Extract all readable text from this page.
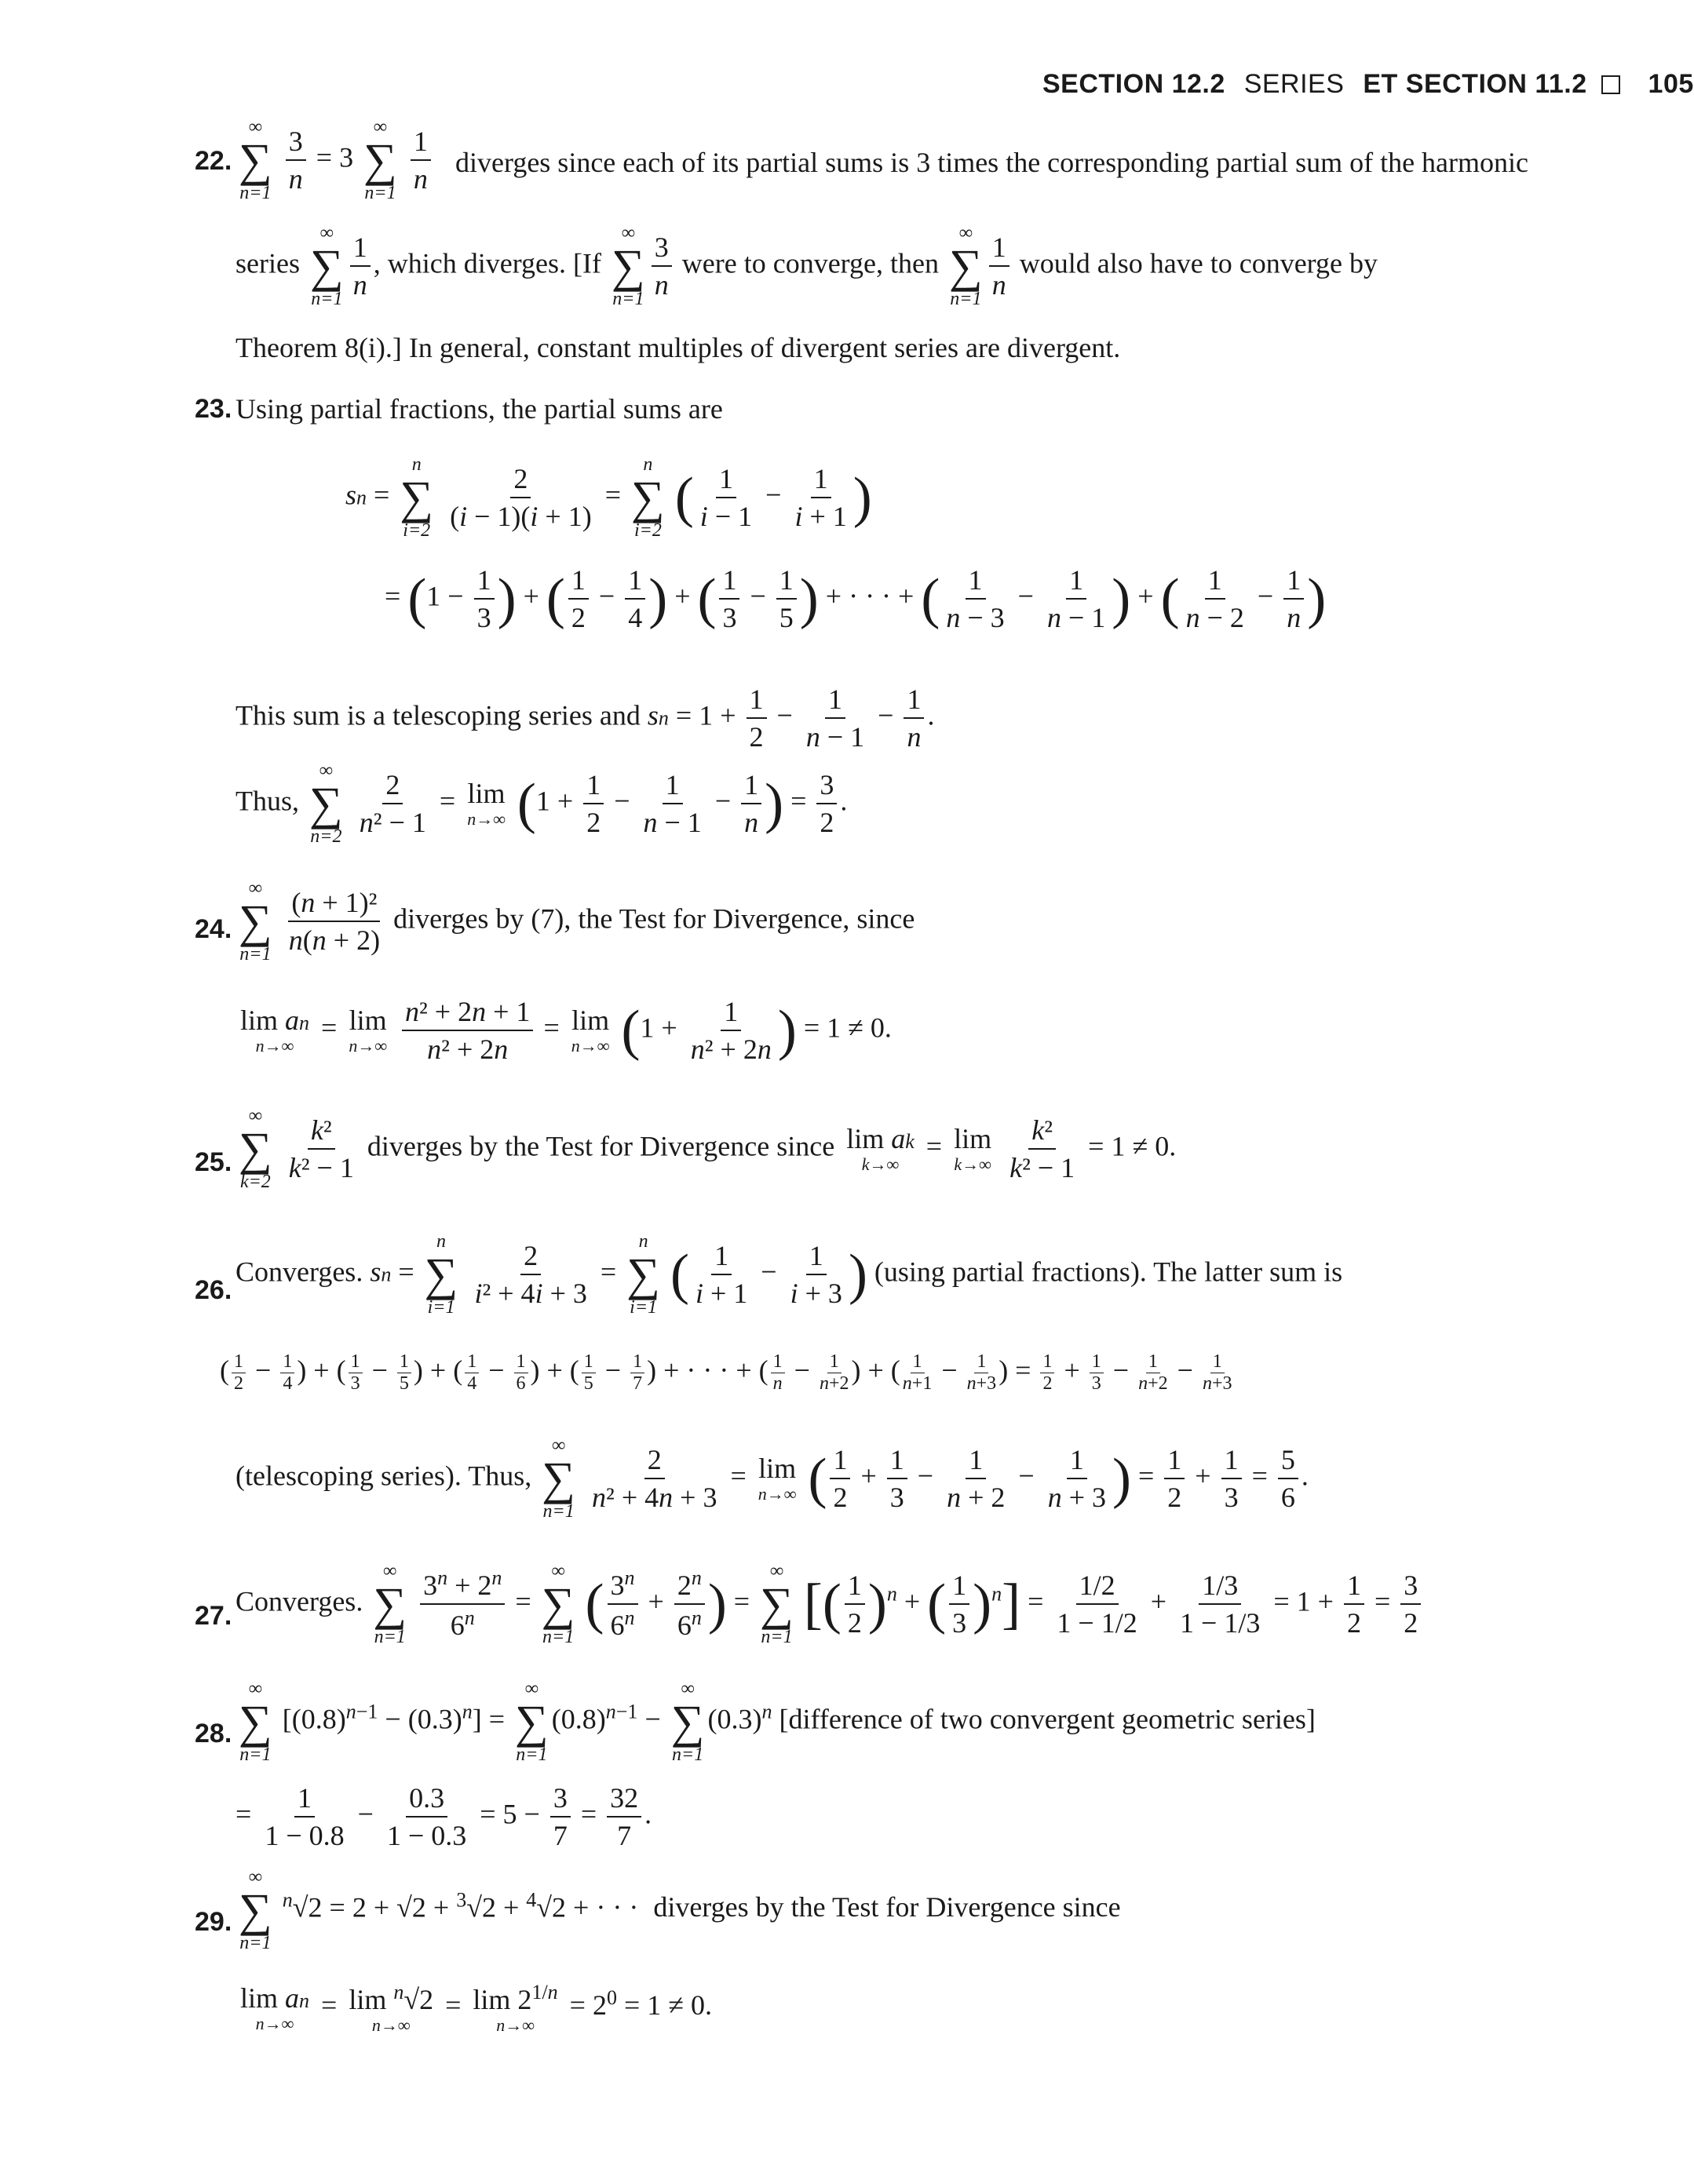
SECTION 12.2 SERIES ET SECTION 11.2 105
22.
∞
∑
n=1
$\frac{3}{n} = 3$
∞
∑
n=1
$\frac{1}{n}$ diverges since each of its partial sums is 3 times the corresponding partial sum of the harmonic
series
∞
∑
$n=1 \frac{1}{n}$ , which diverges. [If
∞
∑
$n=1 \frac{3}{n}$ were to converge, then
∞
∑
$n=1 \frac{1}{n}$ would also have to converge by
Theorem 8(i).] In general, constant multiples of divergent series are divergent.
23. Using partial fractions, the partial sums are
sn =
n
∑
i=2
$\frac{2}{(i - 1)(i + 1)}$ =
n
∑
i=2
( $\frac{1}{i - 1} - \frac{1}{i + 1}$ )
= ($1 - \frac{1}{3}$ ) + ( $\frac{1}{2} - \frac{1}{4}$ ) + ( $\frac{1}{3} - \frac{1}{5}$ ) + · · · + ( $\frac{1}{n - 3} - \frac{1}{n - 1}$ ) + ( $\frac{1}{n - 2} - \frac{1}{n}$ )
This sum is a telescoping series and sn = $1 + \frac{1}{2} - \frac{1}{n - 1} - \frac{1}{n}$ .
Thus,
∞
∑
n=2
$\frac{2}{\text{n² − 1}} = \lim$
n→∞ ($1 + \frac{1}{2} - \frac{1}{n - 1} - \frac{1}{n}$ ) = $\frac{3}{2}$ .
24.
∞
∑
n=1
$\frac{\text{(n + 1)²}}{n(n + 2)}$ diverges by (7), the Test for Divergence, since
lim an
n→∞
= lim
n→∞
$\frac{\text{n² + 2n + 1}}{\text{n² + 2n}} = \lim$
n→∞ ($1 + \frac{1}{\text{n² + 2n}}$ ) = 1 ≠ 0.
25.
∞
∑
k=2
$\frac{\text{k²}}{\text{k² − 1}}$ diverges by the Test for Divergence since lim ak
k→∞
= lim
k→∞
$\frac{\text{k²}}{\text{k² − 1}} = 1 \ne 0$.
26.
Converges. sn =
n
∑
i=1
$\frac{2}{\text{i² + 4i + 3}}$ =
n
∑
i=1
( $\frac{1}{i + 1} - \frac{1}{i + 3}$ ) (using partial fractions). The latter sum is
( $\frac{1}{2} - \frac{1}{4}$ ) + ( $\frac{1}{3} - \frac{1}{5}$ ) + ( $\frac{1}{4} - \frac{1}{6}$ ) + ( $\frac{1}{5} - \frac{1}{7}$ ) + · · · + ( $\frac{1}{n} - \frac{1}{n+2}$ ) + ( $\frac{1}{n+1} - \frac{1}{n+3}$ ) = $\frac{1}{2} + \frac{1}{3} - \frac{1}{n+2} - \frac{1}{n+3}$
(telescoping series). Thus,
∞
∑
n=1
$\frac{2}{\text{n² + 4n + 3}} = \lim$
n→∞ ( $\frac{1}{2} + \frac{1}{3} - \frac{1}{n + 2} - \frac{1}{n + 3}$ ) = $\frac{1}{2} + \frac{1}{3} = \frac{5}{6}$ .
27. Converges.
∞
∑
n=1
$\frac{3^n + 2^n}{6^n}$ =
∞
∑
n=1
( $\frac{3^n}{6^n} + \frac{2^n}{6^n}$ ) =
∞
∑
n=1
[( $\frac{1}{2} )^n$ + ( $\frac{1}{3} )^n] = \frac{1/2}{1 - 1/2} + \frac{1/3}{1 - 1/3} = 1 + \frac{1}{2} = \frac{3}{2}$
28.
∞
∑
n=1
$[(0.8)^{n-1} - (0.3)^n]$ =
∞
∑
n=1
$(0.8)^{n-1}$ −
∞
∑
n=1
$(0.3)^n$ [difference of two convergent geometric series]
= $\frac{1}{1 - 0.8} - \frac{0.3}{1 - 0.3} = 5 - \frac{3}{7} = \frac{32}{7}$ .
29.
∞
∑
n=1
$^n$√2 = 2 + √2 + $^3$√2 + $^4$√2 + · · · diverges by the Test for Divergence since
lim an
n→∞
= lim $^n$√2
n→∞
= $\lim 2^{1/n}$
n→∞
= $2^0 = 1 \ne 0$.
